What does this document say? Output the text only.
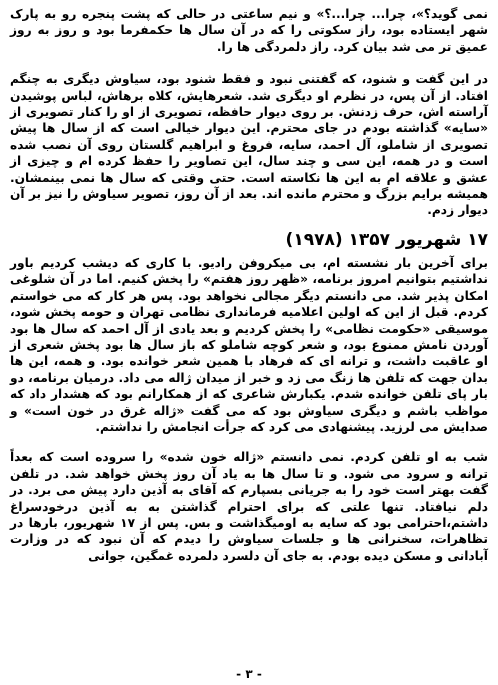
نمی گوید؟»، چرا... چرا...؟» و نیم ساعتی در حالی که پشت پنجره رو به پارک شهر ایستاده بود، راز سکوتی را که در آن سال ها حکمفرما بود و روز به روز عمیق تر می شد بیان کرد. راز دلمردگی ها را.

در این گفت و شنود، که گفتنی نبود و فقط شنود بود، سیاوش دیگری به چنگم افتاد. از آن پس، در نظرم او دیگری شد. شعرهایش، کلاه برهاش، لباس پوشیدن آراسته اش، حرف زدنش. بر روی دیوار حافظه، تصویری از او را کنار تصویری از «سایه» گذاشته بودم در جای محترم. این دیوار خیالی است که از سال ها پیش تصویری از شاملو، آل احمد، سایه، فروغ و ابراهیم گلستان روی آن نصب شده است و در همه، این سی و چند سال، این تصاویر را حفظ کرده ام و چیزی از عشق و علاقه ام به این ها نکاسته است. حتی وقتی که سال ها نمی بینمشان. همیشه برایم بزرگ و محترم مانده اند. بعد از آن روز، تصویر سیاوش را نیز بر آن دیوار زدم.

۱۷ شهریور ۱۳۵۷ (۱۹۷۸)

برای آخرین بار نشسته ام، بی میکروفن رادیو. با کاری که دیشب کردیم باور نداشتیم بتوانیم امروز برنامه، «ظهر روز هفتم» را پخش کنیم. اما در آن شلوغی امکان پذیر شد. می دانستم دیگر مجالی نخواهد بود. پس هر کار که می خواستم کردم. قبل از این که اولین اعلامیه فرمانداری نظامی تهران و حومه پخش شود، موسیقی «حکومت نظامی» را پخش کردیم و بعد یادی از آل احمد که سال ها بود آوردن نامش ممنوع بود، و شعر کوچه شاملو که باز سال ها بود پخش شعری از او عاقبت داشت، و ترانه ای که فرهاد با همین شعر خوانده بود. و همه، این ها بدان جهت که تلفن ها زنگ می زد و خبر از میدان ژاله می داد. درمیان برنامه، دو بار پای تلفن خوانده شدم. یکبارش شاعری که از همکارانم بود که هشدار داد که مواظب باشم و دیگری سیاوش بود که می گفت «ژاله غرق در خون است» و صدایش می لرزید. پیشنهادی می کرد که جرأت انجامش را نداشتم.

شب به او تلفن کردم. نمی دانستم «ژاله خون شده» را سروده است که بعداً ترانه و سرود می شود. و تا سال ها به یاد آن روز پخش خواهد شد. در تلفن گفت بهتر است خود را به جریانی بسپارم که آقای به آذین دارد پیش می برد. در دلم نیافتاد. تنها علتی که برای احترام گذاشتن به به آذین درخودسراغ داشتم،احترامی بود که سایه به اومیگذاشت و بس. پس از ۱۷ شهریور، بارها در تظاهرات، سخنرانی ها و جلسات سیاوش را دیدم که آن نبود که در وزارت آبادانی و مسکن دیده بودم. به جای آن دلسرد دلمرده غمگین، جوانی

- ۳ -
